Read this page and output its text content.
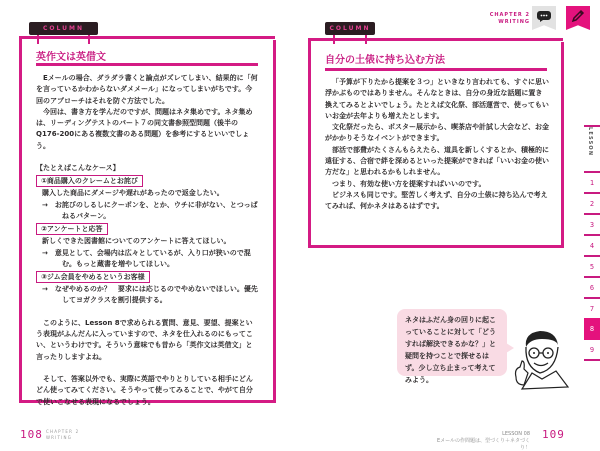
COLUMN
英作文は英借文

Eメールの場合、ダラダラ書くと論点がズレてしまい、結果的に「何を言っているかわからないダメメール」になってしまいがちです。今回のアプローチはそれを防ぐ方法でした。

今回は、書き方を学んだのですが、問題はネタ集めです。ネタ集めは、リーディングテストのパート７の同文書参照型問題（後半のQ176-200にある複数文書のある問題）を参考にするといいでしょう。

【たとえばこんなケース】
①商品購入のクレームとお詫び
購入した商品にダメージや遅れがあったので返金したい。
→　お詫びのしるしにクーポンを、とか、ウチに非がない、とつっぱねるパターン。
②アンケートと応答
新しくできた図書館についてのアンケートに答えてほしい。
→　意見として、会場内は広々としているが、入り口が狭いので混む。もっと蔵書を増やしてほしい。
③ジム会員をやめるというお客様
→　なぜやめるのか？　要求には応じるのでやめないでほしい。優先してヨガクラスを割引提供する。

このように、Lesson 8で求められる質問、意見、要望、提案という表現がふんだんに入っていますので、ネタを仕入れるのにもってこい、というわけです。そういう意味でも昔から「英作文は英借文」と言ったりしますよね。

そして、答案以外でも、実際に英語でやりとりしている相手にどんどん使ってみてください。そうやって使ってみることで、やがて自分で使いこなせる表現になるでしょう。

108 CHAPTER 2
WRITING
CHAPTER 2
WRITING
COLUMN
自分の土俵に持ち込む方法

「予算が下りたから提案を３つ」といきなり言われても、すぐに思い浮かぶものではありません。そんなときは、自分の身近な話題に置き換えてみるとよいでしょう。たとえば文化祭、部活運営で、使ってもいいお金が去年よりも増えたとします。

文化祭だったら、ポスター展示から、喫茶店や計試し大会など、お金がかかりそうなイベントができます。

部活で部費がたくさんもらえたら、道具を新しくするとか、積極的に遠征する、合宿で絆を深めるといった提案ができれば「いいお金の使い方だな」と思われるかもしれません。

つまり、有効な使い方を提案すればいいのです。

ビジネスも同じです。堅苦しく考えず、自分の土俵に持ち込んで考えてみれば、何かネタはあるはずです。

LESSON
1
2
3
4
5
6
7
8
9
ネタはふだん身の回りに起こっていることに対して「どうすれば解決できるかな？」と疑問を持つことで探せるはず。少し立ち止まって考えてみよう。
LESSON 08
Eメールの作問題は、型づくり＋ネタづくり！
109
